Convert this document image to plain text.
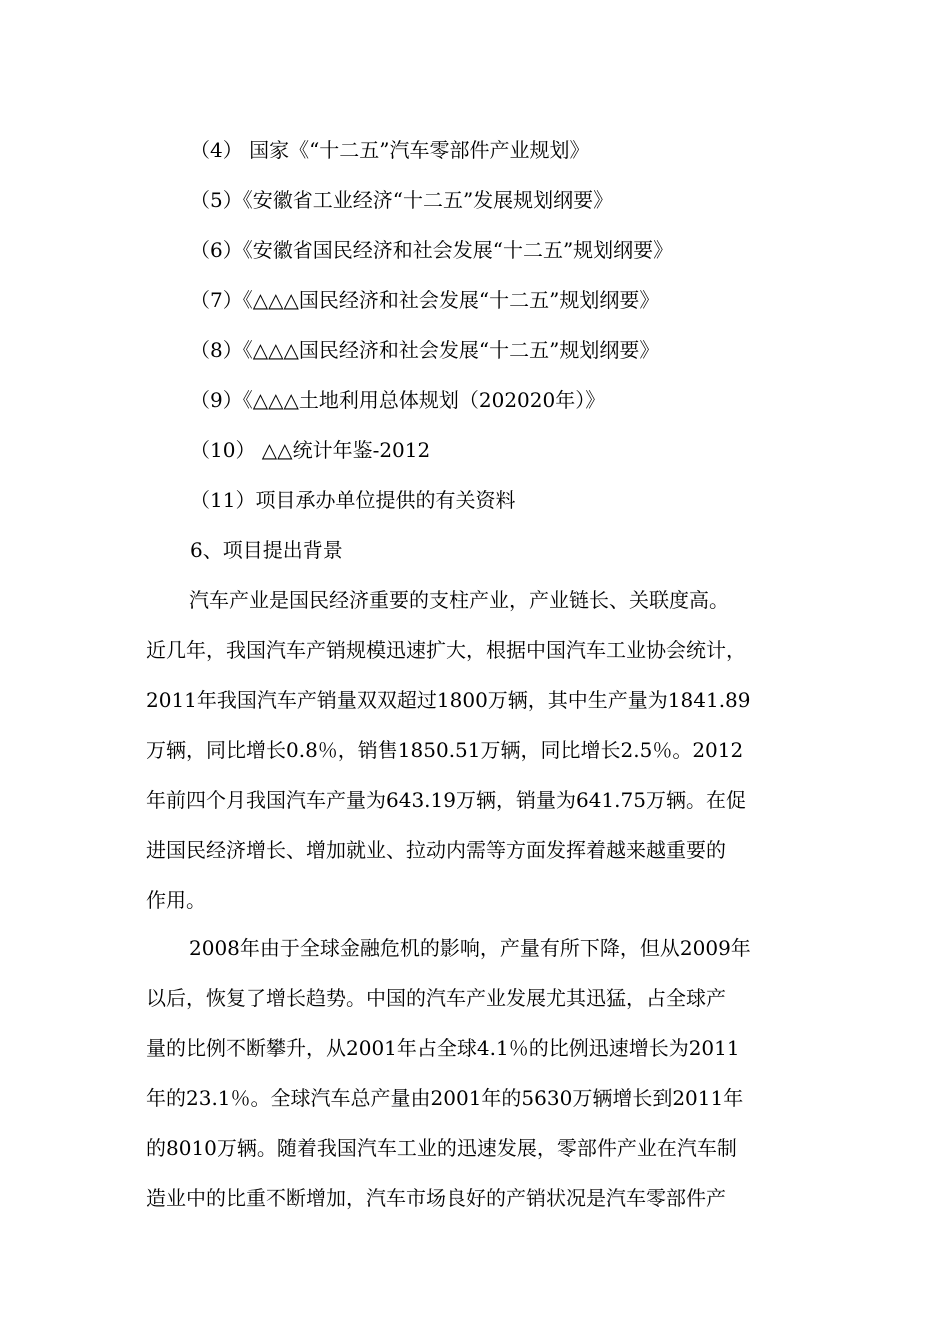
（4） 国家《“十二五”汽车零部件产业规划》
（5）《安徽省工业经济“十二五”发展规划纲要》
（6）《安徽省国民经济和社会发展“十二五”规划纲要》
（7）《△△△国民经济和社会发展“十二五”规划纲要》
（8）《△△△国民经济和社会发展“十二五”规划纲要》
（9）《△△△土地利用总体规划（202020年）》
（10） △△统计年鉴-2012
（11）项目承办单位提供的有关资料
6、项目提出背景
汽车产业是国民经济重要的支柱产业，产业链长、关联度高。
近几年，我国汽车产销规模迅速扩大，根据中国汽车工业协会统计，
2011年我国汽车产销量双双超过1800万辆，其中生产量为1841.89
万辆，同比增长0.8％，销售1850.51万辆，同比增长2.5％。2012
年前四个月我国汽车产量为643.19万辆，销量为641.75万辆。在促
进国民经济增长、增加就业、拉动内需等方面发挥着越来越重要的
作用。
2008年由于全球金融危机的影响，产量有所下降，但从2009年
以后，恢复了增长趋势。中国的汽车产业发展尤其迅猛，占全球产
量的比例不断攀升，从2001年占全球4.1％的比例迅速增长为2011
年的23.1％。全球汽车总产量由2001年的5630万辆增长到2011年
的8010万辆。随着我国汽车工业的迅速发展，零部件产业在汽车制
造业中的比重不断增加，汽车市场良好的产销状况是汽车零部件产
